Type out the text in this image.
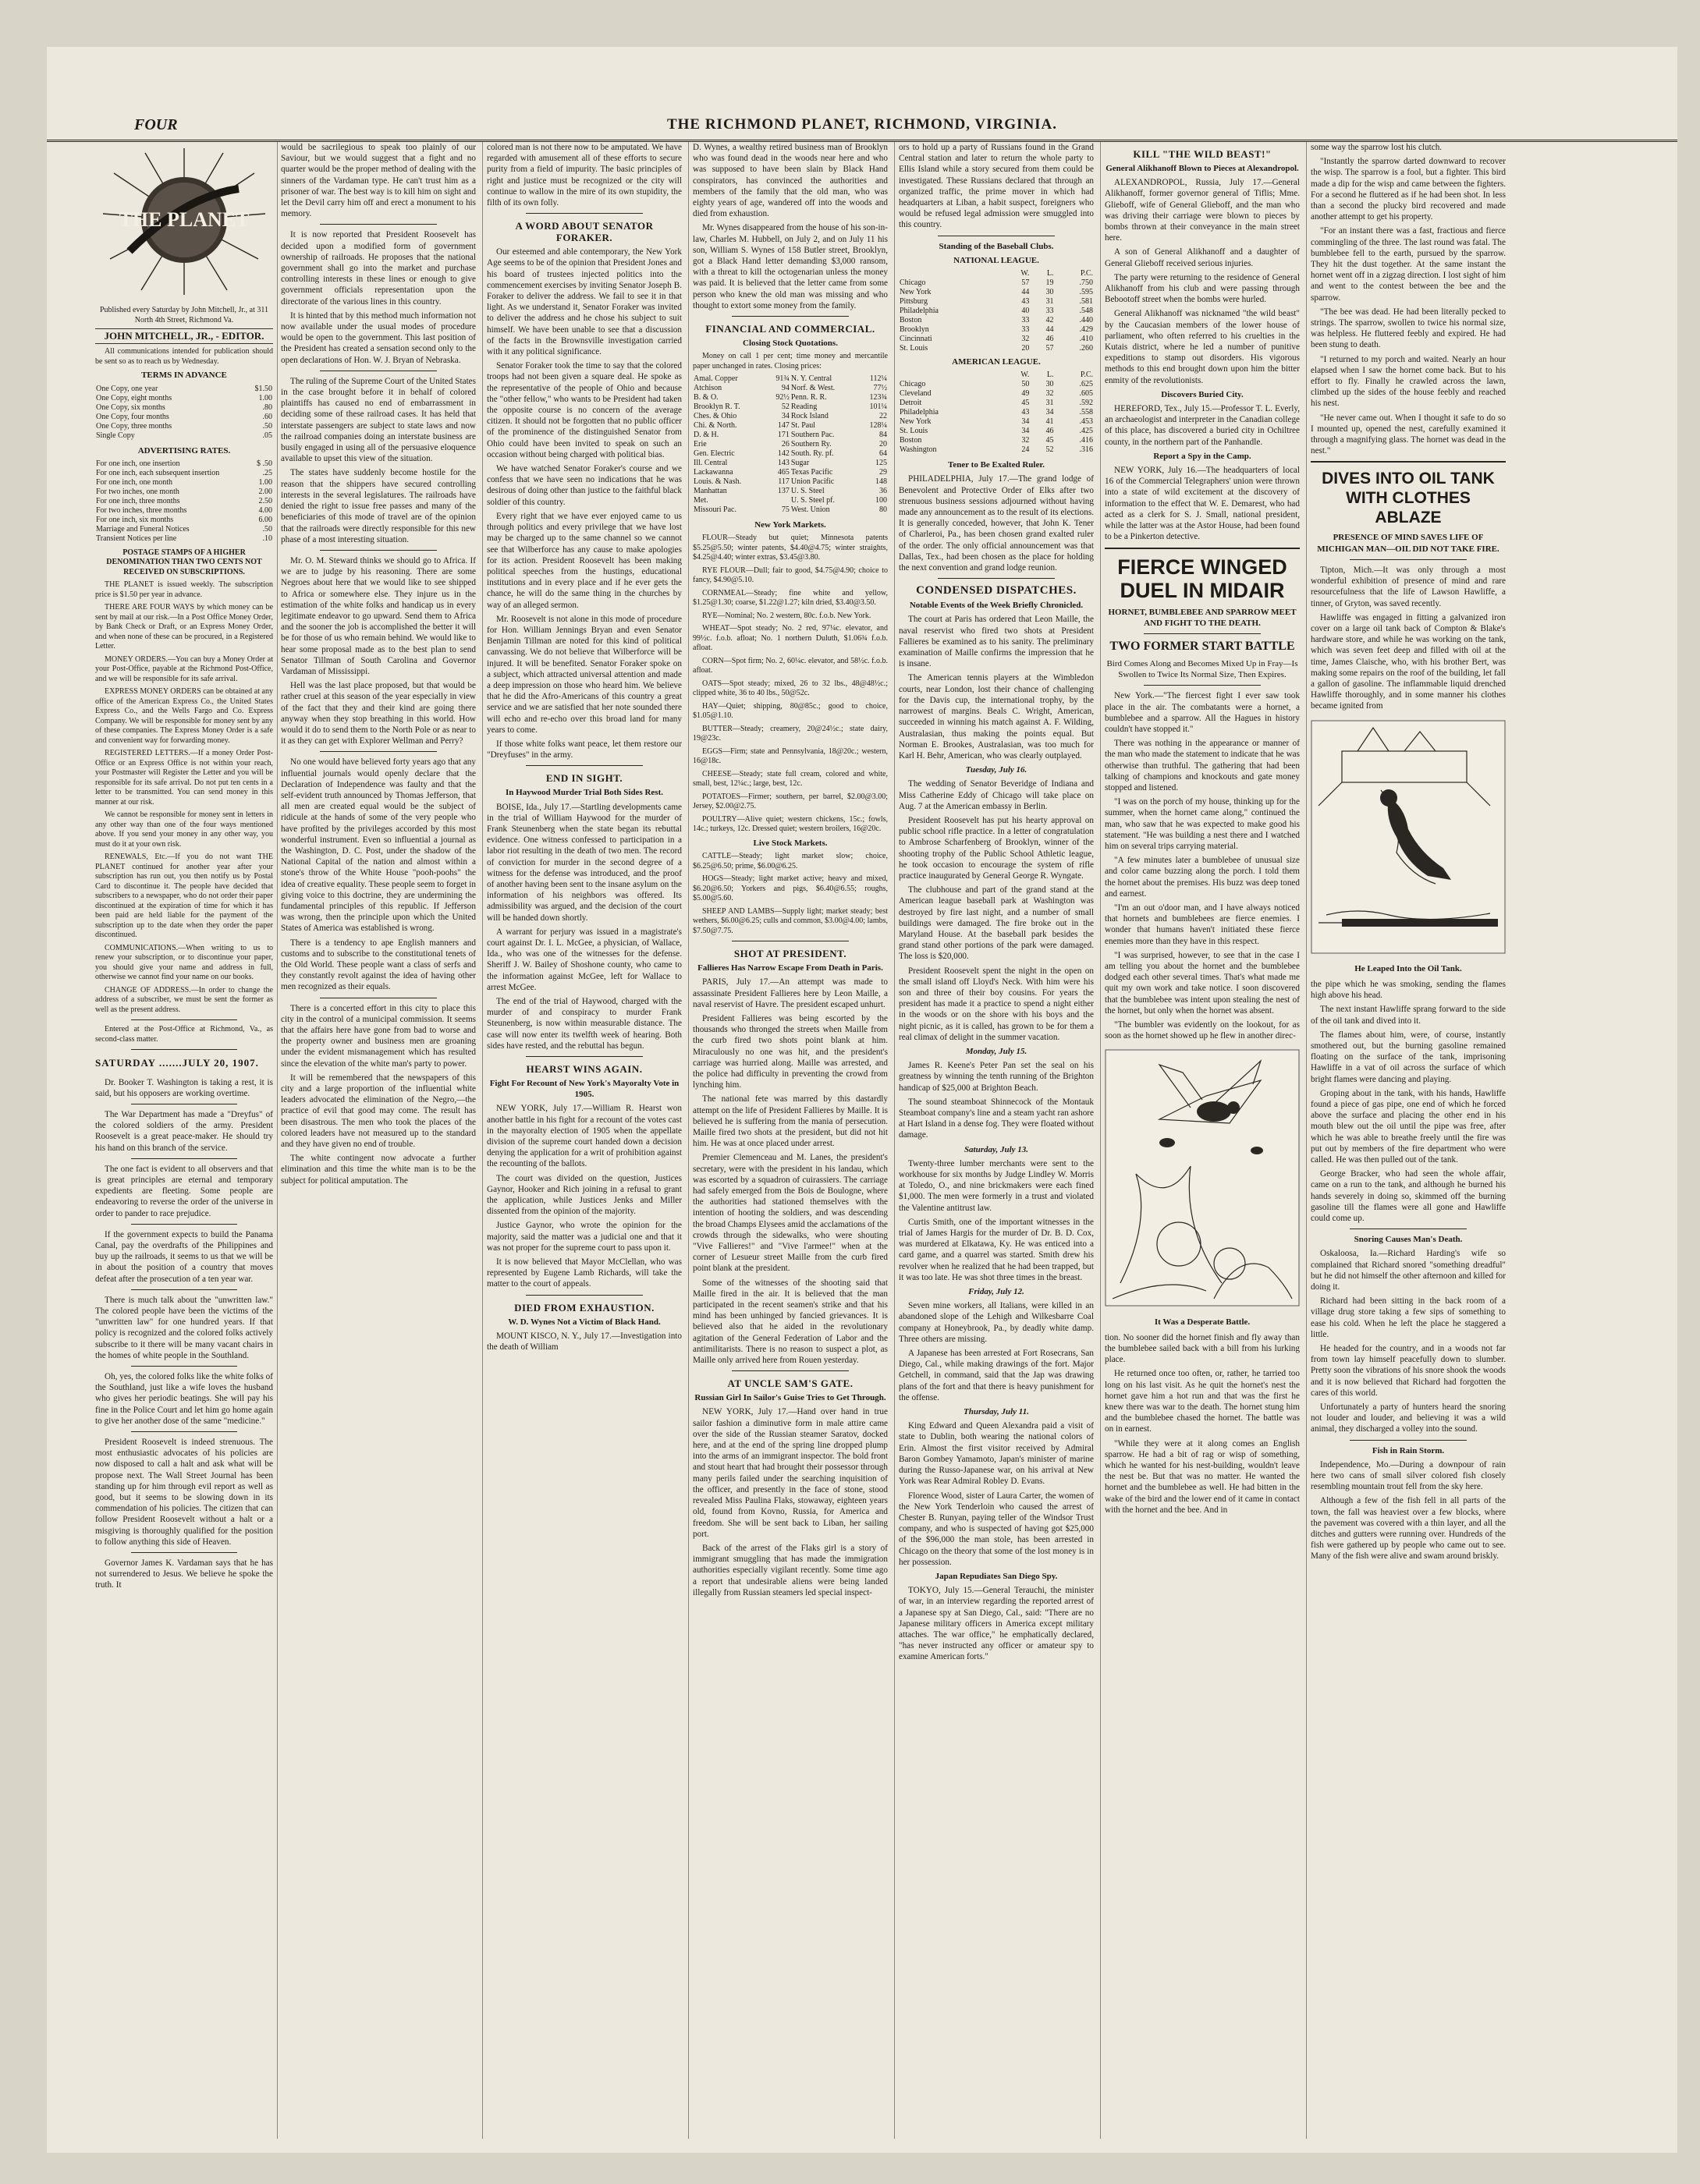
FOUR	THE RICHMOND PLANET, RICHMOND, VIRGINIA.
THE PLANET

Published every Saturday by John Mitchell, Jr., at 311 North 4th Street, Richmond Va.

JOHN MITCHELL, JR., - EDITOR.

All communications intended for publication should be sent so as to reach us by Wednesday.

TERMS IN ADVANCE

One Copy, one year	$1.50
One Copy, eight months	1.00
One Copy, six months	.80
One Copy, four months	.60
One Copy, three months	.50
Single Copy	.05

ADVERTISING RATES.

For one inch, one insertion	$ .50
For one inch, each subsequent insertion	.25
For one inch, one month	1.00
For two inches, one month	2.00
For one inch, three months	2.50
For two inches, three months	4.00
For one inch, six months	6.00
Marriage and Funeral Notices	.50
Transient Notices per line	.10

POSTAGE STAMPS OF A HIGHER DENOMINATION THAN TWO CENTS NOT RECEIVED ON SUBSCRIPTIONS.

THE PLANET is issued weekly. The subscription price is $1.50 per year in advance.

THERE ARE FOUR WAYS by which money can be sent by mail at our risk.—In a Post Office Money Order, by Bank Check or Draft, or an Express Money Order, and when none of these can be procured, in a Registered Letter.

MONEY ORDERS.—You can buy a Money Order at your Post-Office, payable at the Richmond Post-Office, and we will be responsible for its safe arrival.

EXPRESS MONEY ORDERS can be obtained at any office of the American Express Co., the United States Express Co., and the Wells Fargo and Co. Express Company. We will be responsible for money sent by any of these companies. The Express Money Order is a safe and convenient way for forwarding money.

REGISTERED LETTERS.—If a money Order Post-Office or an Express Office is not within your reach, your Postmaster will Register the Letter and you will be responsible for its safe arrival. Do not put ten cents in a letter to be transmitted. You can send money in this manner at our risk.

We cannot be responsible for money sent in letters in any other way than one of the four ways mentioned above. If you send your money in any other way, you must do it at your own risk.

RENEWALS, Etc.—If you do not want THE PLANET continued for another year after your subscription has run out, you then notify us by Postal Card to discontinue it. The people have decided that subscribers to a newspaper, who do not order their paper discontinued at the expiration of time for which it has been paid are held liable for the payment of the subscription up to the date when they order the paper discontinued.

COMMUNICATIONS.—When writing to us to renew your subscription, or to discontinue your paper, you should give your name and address in full, otherwise we cannot find your name on our books.

CHANGE OF ADDRESS.—In order to change the address of a subscriber, we must be sent the former as well as the present address.

Entered at the Post-Office at Richmond, Va., as second-class matter.

SATURDAY .......JULY 20, 1907.

Dr. Booker T. Washington is taking a rest, it is said, but his opposers are working overtime.

The War Department has made a "Dreyfus" of the colored soldiers of the army. President Roosevelt is a great peace-maker. He should try his hand on this branch of the service.

The one fact is evident to all observers and that is great principles are eternal and temporary expedients are fleeting. Some people are endeavoring to reverse the order of the universe in order to pander to race prejudice.

If the government expects to build the Panama Canal, pay the overdrafts of the Philippines and buy up the railroads, it seems to us that we will be in about the position of a country that moves defeat after the prosecution of a ten year war.

There is much talk about the "unwritten law." The colored people have been the victims of the "unwritten law" for one hundred years. If that policy is recognized and the colored folks actively subscribe to it there will be many vacant chairs in the homes of white people in the Southland.

Oh, yes, the colored folks like the white folks of the Southland, just like a wife loves the husband who gives her periodic beatings. She will pay his fine in the Police Court and let him go home again to give her another dose of the same "medicine."

President Roosevelt is indeed strenuous. The most enthusiastic advocates of his policies are now disposed to call a halt and ask what will be propose next. The Wall Street Journal has been standing up for him through evil report as well as good, but it seems to be slowing down in its commendation of his policies. The citizen that can follow President Roosevelt without a halt or a misgiving is thoroughly qualified for the position to follow anything this side of Heaven.

Governor James K. Vardaman says that he has not surrendered to Jesus. We believe he spoke the truth. It

would be sacrilegious to speak too plainly of our Saviour, but we would suggest that a fight and no quarter would be the proper method of dealing with the sinners of the Vardaman type. He can't trust him as a prisoner of war. The best way is to kill him on sight and let the Devil carry him off and erect a monument to his memory.

It is now reported that President Roosevelt has decided upon a modified form of government ownership of railroads. He proposes that the national government shall go into the market and purchase controlling interests in these lines or enough to give government officials representation upon the directorate of the various lines in this country.

It is hinted that by this method much information not now available under the usual modes of procedure would be open to the government. This last position of the President has created a sensation second only to the open declarations of Hon. W. J. Bryan of Nebraska.

The ruling of the Supreme Court of the United States in the case brought before it in behalf of colored plaintiffs has caused no end of embarrassment in deciding some of these railroad cases. It has held that interstate passengers are subject to state laws and now the railroad companies doing an interstate business are busily engaged in using all of the persuasive eloquence available to upset this view of the situation.

The states have suddenly become hostile for the reason that the shippers have secured controlling interests in the several legislatures. The railroads have denied the right to issue free passes and many of the beneficiaries of this mode of travel are of the opinion that the railroads were directly responsible for this new phase of a most interesting situation.

Mr. O. M. Steward thinks we should go to Africa. If we are to judge by his reasoning. There are some Negroes about here that we would like to see shipped to Africa or somewhere else. They injure us in the estimation of the white folks and handicap us in every legitimate endeavor to go upward. Send them to Africa and the sooner the job is accomplished the better it will be for those of us who remain behind. We would like to hear some proposal made as to the best plan to send Senator Tillman of South Carolina and Governor Vardaman of Mississippi.

Hell was the last place proposed, but that would be rather cruel at this season of the year especially in view of the fact that they and their kind are going there anyway when they stop breathing in this world. How would it do to send them to the North Pole or as near to it as they can get with Explorer Wellman and Perry?

No one would have believed forty years ago that any influential journals would openly declare that the Declaration of Independence was faulty and that the self-evident truth announced by Thomas Jefferson, that all men are created equal would be the subject of ridicule at the hands of some of the very people who have profited by the privileges accorded by this most wonderful instrument. Even so influential a journal as the Washington, D. C. Post, under the shadow of the National Capital of the nation and almost within a stone's throw of the White House "pooh-poohs" the idea of creative equality. These people seem to forget in giving voice to this doctrine, they are undermining the fundamental principles of this republic. If Jefferson was wrong, then the principle upon which the United States of America was established is wrong.

There is a tendency to ape English manners and customs and to subscribe to the constitutional tenets of the Old World. These people want a class of serfs and they constantly revolt against the idea of having other men recognized as their equals.

There is a concerted effort in this city to place this city in the control of a municipal commission. It seems that the affairs here have gone from bad to worse and the property owner and business men are groaning under the evident mismanagement which has resulted since the elevation of the white man's party to power.

It will be remembered that the newspapers of this city and a large proportion of the influential white leaders advocated the elimination of the Negro,—the practice of evil that good may come. The result has been disastrous. The men who took the places of the colored leaders have not measured up to the standard and they have given no end of trouble.

The white contingent now advocate a further elimination and this time the white man is to be the subject for political amputation. The

colored man is not there now to be amputated. We have regarded with amusement all of these efforts to secure purity from a field of impurity. The basic principles of right and justice must be recognized or the city will continue to wallow in the mire of its own stupidity, the filth of its own folly.

A WORD ABOUT SENATOR FORAKER.

Our esteemed and able contemporary, the New York Age seems to be of the opinion that President Jones and his board of trustees injected politics into the commencement exercises by inviting Senator Joseph B. Foraker to deliver the address. We fail to see it in that light. As we understand it, Senator Foraker was invited to deliver the address and he chose his subject to suit himself. We have been unable to see that a discussion of the facts in the Brownsville investigation carried with it any political significance.

Senator Foraker took the time to say that the colored troops had not been given a square deal. He spoke as the representative of the people of Ohio and because the "other fellow," who wants to be President had taken the opposite course is no concern of the average citizen. It should not be forgotten that no public officer of the prominence of the distinguished Senator from Ohio could have been invited to speak on such an occasion without being charged with political bias.

We have watched Senator Foraker's course and we confess that we have seen no indications that he was desirous of doing other than justice to the faithful black soldier of this country.

Every right that we have ever enjoyed came to us through politics and every privilege that we have lost may be charged up to the same channel so we cannot see that Wilberforce has any cause to make apologies for its action. President Roosevelt has been making political speeches from the hustings, educational institutions and in every place and if he ever gets the chance, he will do the same thing in the churches by way of an alleged sermon.

Mr. Roosevelt is not alone in this mode of procedure for Hon. William Jennings Bryan and even Senator Benjamin Tillman are noted for this kind of political canvassing. We do not believe that Wilberforce will be injured. It will be benefited. Senator Foraker spoke on a subject, which attracted universal attention and made a deep impression on those who heard him. We believe that he did the Afro-Americans of this country a great service and we are satisfied that her note sounded there will echo and re-echo over this broad land for many years to come.

If those white folks want peace, let them restore our "Dreyfuses" in the army.

END IN SIGHT.

In Haywood Murder Trial Both Sides Rest.

BOISE, Ida., July 17.—Startling developments came in the trial of William Haywood for the murder of Frank Steunenberg when the state began its rebuttal evidence. One witness confessed to participation in a labor riot resulting in the death of two men. The record of conviction for murder in the second degree of a witness for the defense was introduced, and the proof of another having been sent to the insane asylum on the information of his neighbors was offered. Its admissibility was argued, and the decision of the court will be handed down shortly.

A warrant for perjury was issued in a magistrate's court against Dr. I. L. McGee, a physician, of Wallace, Ida., who was one of the witnesses for the defense. Sheriff J. W. Bailey of Shoshone county, who came to the information against McGee, left for Wallace to arrest McGee.

The end of the trial of Haywood, charged with the murder of and conspiracy to murder Frank Steunenberg, is now within measurable distance. The case will now enter its twelfth week of hearing. Both sides have rested, and the rebuttal has begun.

HEARST WINS AGAIN.

Fight For Recount of New York's Mayoralty Vote in 1905.

NEW YORK, July 17.—William R. Hearst won another battle in his fight for a recount of the votes cast in the mayoralty election of 1905 when the appellate division of the supreme court handed down a decision denying the application for a writ of prohibition against the recounting of the ballots.

The court was divided on the question, Justices Gaynor, Hooker and Rich joining in a refusal to grant the application, while Justices Jenks and Miller dissented from the opinion of the majority.

Justice Gaynor, who wrote the opinion for the majority, said the matter was a judicial one and that it was not proper for the supreme court to pass upon it.

It is now believed that Mayor McClellan, who was represented by Eugene Lamb Richards, will take the matter to the court of appeals.

DIED FROM EXHAUSTION.

W. D. Wynes Not a Victim of Black Hand.

MOUNT KISCO, N. Y., July 17.—Investigation into the death of William

D. Wynes, a wealthy retired business man of Brooklyn who was found dead in the woods near here and who was supposed to have been slain by Black Hand conspirators, has convinced the authorities and members of the family that the old man, who was eighty years of age, wandered off into the woods and died from exhaustion.

Mr. Wynes disappeared from the house of his son-in-law, Charles M. Hubbell, on July 2, and on July 11 his son, William S. Wynes of 158 Butler street, Brooklyn, got a Black Hand letter demanding $3,000 ransom, with a threat to kill the octogenarian unless the money was paid. It is believed that the letter came from some person who knew the old man was missing and who thought to extort some money from the family.

FINANCIAL AND COMMERCIAL.

Closing Stock Quotations.

Money on call 1 per cent; time money and mercantile paper unchanged in rates. Closing prices:

Amal. Copper	91¾	N. Y. Central	112¼
Atchison	94	Norf. & West.	77½
B. & O.	92½	Penn. R. R.	123¾
Brooklyn R. T.	52	Reading	101¼
Ches. & Ohio	34	Rock Island	22
Chi. & North.	147	St. Paul	128¼
D. & H.	171	Southern Pac.	84
Erie	26	Southern Ry.	20
Gen. Electric	142	South. Ry. pf.	64
Ill. Central	143	Sugar	125
Lackawanna	465	Texas Pacific	29
Louis. & Nash.	117	Union Pacific	148
Manhattan	137	U. S. Steel	36
Met.		U. S. Steel pf.	100
Missouri Pac.	75	West. Union	80

New York Markets.

FLOUR—Steady but quiet; Minnesota patents $5.25@5.50; winter patents, $4.40@4.75; winter straights, $4.25@4.40; winter extras, $3.45@3.80.

RYE FLOUR—Dull; fair to good, $4.75@4.90; choice to fancy, $4.90@5.10.

CORNMEAL—Steady; fine white and yellow, $1.25@1.30; coarse, $1.22@1.27; kiln dried, $3.40@3.50.

RYE—Nominal; No. 2 western, 80c. f.o.b. New York.

WHEAT—Spot steady; No. 2 red, 97¼c. elevator, and 99½c. f.o.b. afloat; No. 1 northern Duluth, $1.06¾ f.o.b. afloat.

CORN—Spot firm; No. 2, 60¼c. elevator, and 58½c. f.o.b. afloat.

OATS—Spot steady; mixed, 26 to 32 lbs., 48@48½c.; clipped white, 36 to 40 lbs., 50@52c.

HAY—Quiet; shipping, 80@85c.; good to choice, $1.05@1.10.

BUTTER—Steady; creamery, 20@24½c.; state dairy, 19@23c.

EGGS—Firm; state and Pennsylvania, 18@20c.; western, 16@18c.

CHEESE—Steady; state full cream, colored and white, small, best, 12¼c.; large, best, 12c.

POTATOES—Firmer; southern, per barrel, $2.00@3.00; Jersey, $2.00@2.75.

POULTRY—Alive quiet; western chickens, 15c.; fowls, 14c.; turkeys, 12c. Dressed quiet; western broilers, 16@20c.

Live Stock Markets.

CATTLE—Steady; light market slow; choice, $6.25@6.50; prime, $6.00@6.25.

HOGS—Steady; light market active; heavy and mixed, $6.20@6.50; Yorkers and pigs, $6.40@6.55; roughs, $5.00@5.60.

SHEEP AND LAMBS—Supply light; market steady; best wethers, $6.00@6.25; culls and common, $3.00@4.00; lambs, $7.50@7.75.

SHOT AT PRESIDENT.

Fallieres Has Narrow Escape From Death in Paris.

PARIS, July 17.—An attempt was made to assassinate President Fallieres here by Leon Maille, a naval reservist of Havre. The president escaped unhurt.

President Fallieres was being escorted by the thousands who thronged the streets when Maille from the curb fired two shots point blank at him. Miraculously no one was hit, and the president's carriage was hurried along. Maille was arrested, and the police had difficulty in preventing the crowd from lynching him.

The national fete was marred by this dastardly attempt on the life of President Fallieres by Maille. It is believed he is suffering from the mania of persecution. Maille fired two shots at the president, but did not hit him. He was at once placed under arrest.

Premier Clemenceau and M. Lanes, the president's secretary, were with the president in his landau, which was escorted by a squadron of cuirassiers. The carriage had safely emerged from the Bois de Boulogne, where the authorities had stationed themselves with the intention of hooting the soldiers, and was descending the broad Champs Elysees amid the acclamations of the crowds through the sidewalks, who were shouting "Vive Fallieres!" and "Vive l'armee!" when at the corner of Lesueur street Maille from the curb fired point blank at the president.

Some of the witnesses of the shooting said that Maille fired in the air. It is believed that the man participated in the recent seamen's strike and that his mind has been unhinged by fancied grievances. It is believed also that he aided in the revolutionary agitation of the General Federation of Labor and the antimilitarists. There is no reason to suspect a plot, as Maille only arrived here from Rouen yesterday.

AT UNCLE SAM'S GATE.

Russian Girl In Sailor's Guise Tries to Get Through.

NEW YORK, July 17.—Hand over hand in true sailor fashion a diminutive form in male attire came over the side of the Russian steamer Saratov, docked here, and at the end of the spring line dropped plump into the arms of an immigrant inspector. The bold front and stout heart that had brought their possessor through many perils failed under the searching inquisition of the officer, and presently in the face of stone, stood revealed Miss Paulina Flaks, stowaway, eighteen years old, found from Kovno, Russia, for America and freedom. She will be sent back to Liban, her sailing port.

Back of the arrest of the Flaks girl is a story of immigrant smuggling that has made the immigration authorities especially vigilant recently. Some time ago a report that undesirable aliens were being landed illegally from Russian steamers led special inspect-

ors to hold up a party of Russians found in the Grand Central station and later to return the whole party to Ellis Island while a story secured from them could be investigated. These Russians declared that through an organized traffic, the prime mover in which had headquarters at Liban, a habit suspect, foreigners who would be refused legal admission were smuggled into this country.

Standing of the Baseball Clubs.

NATIONAL LEAGUE.

	W.	L.	P.C.
Chicago	57	19	.750
New York	44	30	.595
Pittsburg	43	31	.581
Philadelphia	40	33	.548
Boston	33	42	.440
Brooklyn	33	44	.429
Cincinnati	32	46	.410
St. Louis	20	57	.260

AMERICAN LEAGUE.

	W.	L.	P.C.
Chicago	50	30	.625
Cleveland	49	32	.605
Detroit	45	31	.592
Philadelphia	43	34	.558
New York	34	41	.453
St. Louis	34	46	.425
Boston	32	45	.416
Washington	24	52	.316

Tener to Be Exalted Ruler.

PHILADELPHIA, July 17.—The grand lodge of Benevolent and Protective Order of Elks after two strenuous business sessions adjourned without having made any announcement as to the result of its elections. It is generally conceded, however, that John K. Tener of Charleroi, Pa., has been chosen grand exalted ruler of the order. The only official announcement was that Dallas, Tex., had been chosen as the place for holding the next convention and grand lodge reunion.

CONDENSED DISPATCHES.

Notable Events of the Week Briefly Chronicled.

The court at Paris has ordered that Leon Maille, the naval reservist who fired two shots at President Fallieres be examined as to his sanity. The preliminary examination of Maille confirms the impression that he is insane.

The American tennis players at the Wimbledon courts, near London, lost their chance of challenging for the Davis cup, the international trophy, by the narrowest of margins. Beals C. Wright, American, succeeded in winning his match against A. F. Wilding, Australasian, thus making the points equal. But Norman E. Brookes, Australasian, was too much for Karl H. Behr, American, who was clearly outplayed.

Tuesday, July 16.

The wedding of Senator Beveridge of Indiana and Miss Catherine Eddy of Chicago will take place on Aug. 7 at the American embassy in Berlin.

President Roosevelt has put his hearty approval on public school rifle practice. In a letter of congratulation to Ambrose Scharfenberg of Brooklyn, winner of the shooting trophy of the Public School Athletic league, he took occasion to encourage the system of rifle practice inaugurated by General George R. Wyngate.

The clubhouse and part of the grand stand at the American league baseball park at Washington was destroyed by fire last night, and a number of small buildings were damaged. The fire broke out in the Maryland House. At the baseball park besides the grand stand other portions of the park were damaged. The loss is $20,000.

President Roosevelt spent the night in the open on the small island off Lloyd's Neck. With him were his son and three of their boy cousins. For years the president has made it a practice to spend a night either in the woods or on the shore with his boys and the night picnic, as it is called, has grown to be for them a real climax of delight in the summer vacation.

Monday, July 15.

James R. Keene's Peter Pan set the seal on his greatness by winning the tenth running of the Brighton handicap of $25,000 at Brighton Beach.

The sound steamboat Shinnecock of the Montauk Steamboat company's line and a steam yacht ran ashore at Hart Island in a dense fog. They were floated without damage.

Saturday, July 13.

Twenty-three lumber merchants were sent to the workhouse for six months by Judge Lindley W. Morris at Toledo, O., and nine brickmakers were each fined $1,000. The men were formerly in a trust and violated the Valentine antitrust law.

Curtis Smith, one of the important witnesses in the trial of James Hargis for the murder of Dr. B. D. Cox, was murdered at Elkatawa, Ky. He was enticed into a card game, and a quarrel was started. Smith drew his revolver when he realized that he had been trapped, but it was too late. He was shot three times in the breast.

Friday, July 12.

Seven mine workers, all Italians, were killed in an abandoned slope of the Lehigh and Wilkesbarre Coal company at Honeybrook, Pa., by deadly white damp. Three others are missing.

A Japanese has been arrested at Fort Rosecrans, San Diego, Cal., while making drawings of the fort. Major Getchell, in command, said that the Jap was drawing plans of the fort and that there is heavy punishment for the offense.

Thursday, July 11.

King Edward and Queen Alexandra paid a visit of state to Dublin, both wearing the national colors of Erin. Almost the first visitor received by Admiral Baron Gombey Yamamoto, Japan's minister of marine during the Russo-Japanese war, on his arrival at New York was Rear Admiral Robley D. Evans.

Florence Wood, sister of Laura Carter, the women of the New York Tenderloin who caused the arrest of Chester B. Runyan, paying teller of the Windsor Trust company, and who is suspected of having got $25,000 of the $96,000 the man stole, has been arrested in Chicago on the theory that some of the lost money is in her possession.

Japan Repudiates San Diego Spy.

TOKYO, July 15.—General Terauchi, the minister of war, in an interview regarding the reported arrest of a Japanese spy at San Diego, Cal., said: "There are no Japanese military officers in America except military attaches. The war office," he emphatically declared, "has never instructed any officer or amateur spy to examine American forts."

KILL "THE WILD BEAST!"

General Alikhanoff Blown to Pieces at Alexandropol.

ALEXANDROPOL, Russia, July 17.—General Alikhanoff, former governor general of Tiflis; Mme. Glieboff, wife of General Glieboff, and the man who was driving their carriage were blown to pieces by bombs thrown at their conveyance in the main street here.

A son of General Alikhanoff and a daughter of General Glieboff received serious injuries.

The party were returning to the residence of General Alikhanoff from his club and were passing through Bebootoff street when the bombs were hurled.

General Alikhanoff was nicknamed "the wild beast" by the Caucasian members of the lower house of parliament, who often referred to his cruelties in the Kutais district, where he led a number of punitive expeditions to stamp out disorders. His vigorous methods to this end brought down upon him the bitter enmity of the revolutionists.

Discovers Buried City.

HEREFORD, Tex., July 15.—Professor T. L. Everly, an archaeologist and interpreter in the Canadian college of this place, has discovered a buried city in Ochiltree county, in the northern part of the Panhandle.

Report a Spy in the Camp.

NEW YORK, July 16.—The headquarters of local 16 of the Commercial Telegraphers' union were thrown into a state of wild excitement at the discovery of information to the effect that W. E. Demarest, who had acted as a clerk for S. J. Small, national president, while the latter was at the Astor House, had been found to be a Pinkerton detective.

FIERCE WINGED DUEL IN MIDAIR

HORNET, BUMBLEBEE AND SPARROW MEET AND FIGHT TO THE DEATH.

TWO FORMER START BATTLE

Bird Comes Along and Becomes Mixed Up in Fray—Is Swollen to Twice Its Normal Size, Then Expires.

New York.—"The fiercest fight I ever saw took place in the air. The combatants were a hornet, a bumblebee and a sparrow. All the Hagues in history couldn't have stopped it."

There was nothing in the appearance or manner of the man who made the statement to indicate that he was otherwise than truthful. The gathering that had been talking of champions and knockouts and gate money stopped and listened.

"I was on the porch of my house, thinking up for the summer, when the hornet came along," continued the man, who saw that he was expected to make good his statement. "He was building a nest there and I watched him on several trips carrying material.

"A few minutes later a bumblebee of unusual size and color came buzzing along the porch. I told them the hornet about the premises. His buzz was deep toned and earnest.

"I'm an out o'door man, and I have always noticed that hornets and bumblebees are fierce enemies. I wonder that humans haven't initiated these fierce enemies more than they have in this respect.

"I was surprised, however, to see that in the case I am telling you about the hornet and the bumblebee dodged each other several times. That's what made me quit my own work and take notice. I soon discovered that the bumblebee was intent upon stealing the nest of the hornet, but only when the hornet was absent.

"The bumbler was evidently on the lookout, for as soon as the hornet showed up he flew in another direc-

It Was a Desperate Battle.

tion. No sooner did the hornet finish and fly away than the bumblebee sailed back with a bill from his lurking place.

He returned once too often, or, rather, he tarried too long on his last visit. As he quit the hornet's nest the hornet gave him a hot run and that was the first he knew there was war to the death. The hornet stung him and the bumblebee chased the hornet. The battle was on in earnest.

"While they were at it along comes an English sparrow. He had a bit of rag or wisp of something, which he wanted for his nest-building, wouldn't leave the nest be. But that was no matter. He wanted the hornet and the bumblebee as well. He had bitten in the wake of the bird and the lower end of it came in contact with the hornet and the bee. And in

some way the sparrow lost his clutch.

"Instantly the sparrow darted downward to recover the wisp. The sparrow is a fool, but a fighter. This bird made a dip for the wisp and came between the fighters. For a second he fluttered as if he had been shot. In less than a second the plucky bird recovered and made another attempt to get his property.

"For an instant there was a fast, fractious and fierce commingling of the three. The last round was fatal. The bumblebee fell to the earth, pursued by the sparrow. They hit the dust together. At the same instant the hornet went off in a zigzag direction. I lost sight of him and went to the contest between the bee and the sparrow.

"The bee was dead. He had been literally pecked to strings. The sparrow, swollen to twice his normal size, was helpless. He fluttered feebly and expired. He had been stung to death.

"I returned to my porch and waited. Nearly an hour elapsed when I saw the hornet come back. But to his effort to fly. Finally he crawled across the lawn, climbed up the sides of the house feebly and reached his nest.

"He never came out. When I thought it safe to do so I mounted up, opened the nest, carefully examined it through a magnifying glass. The hornet was dead in the nest."

DIVES INTO OIL TANK WITH CLOTHES ABLAZE

PRESENCE OF MIND SAVES LIFE OF MICHIGAN MAN—OIL DID NOT TAKE FIRE.

Tipton, Mich.—It was only through a most wonderful exhibition of presence of mind and rare resourcefulness that the life of Lawson Hawliffe, a tinner, of Gryton, was saved recently.

Hawliffe was engaged in fitting a galvanized iron cover on a large oil tank back of Compton & Blake's hardware store, and while he was working on the tank, which was seven feet deep and filled with oil at the time, James Claische, who, with his brother Bert, was making some repairs on the roof of the building, let fall a gallon of gasoline. The inflammable liquid drenched Hawliffe thoroughly, and in some manner his clothes became ignited from

He Leaped Into the Oil Tank.

the pipe which he was smoking, sending the flames high above his head.

The next instant Hawliffe sprang forward to the side of the oil tank and dived into it.

The flames about him, were, of course, instantly smothered out, but the burning gasoline remained floating on the surface of the tank, imprisoning Hawliffe in a vat of oil across the surface of which bright flames were dancing and playing.

Groping about in the tank, with his hands, Hawliffe found a piece of gas pipe, one end of which he forced above the surface and placing the other end in his mouth blew out the oil until the pipe was free, after which he was able to breathe freely until the fire was put out by members of the fire department who were called. He was then pulled out of the tank.

George Bracker, who had seen the whole affair, came on a run to the tank, and although he burned his hands severely in doing so, skimmed off the burning gasoline till the flames were all gone and Hawliffe could come up.

Snoring Causes Man's Death.

Oskaloosa, Ia.—Richard Harding's wife so complained that Richard snored "something dreadful" but he did not himself the other afternoon and killed for doing it.

Richard had been sitting in the back room of a village drug store taking a few sips of something to ease his cold. When he left the place he staggered a little.

He headed for the country, and in a woods not far from town lay himself peacefully down to slumber. Pretty soon the vibrations of his snore shook the woods and it is now believed that Richard had forgotten the cares of this world.

Unfortunately a party of hunters heard the snoring not louder and louder, and believing it was a wild animal, they discharged a volley into the sound.

Fish in Rain Storm.

Independence, Mo.—During a downpour of rain here two cans of small silver colored fish closely resembling mountain trout fell from the sky here.

Although a few of the fish fell in all parts of the town, the fall was heaviest over a few blocks, where the pavement was covered with a thin layer, and all the ditches and gutters were running over. Hundreds of the fish were gathered up by people who came out to see. Many of the fish were alive and swam around briskly.
